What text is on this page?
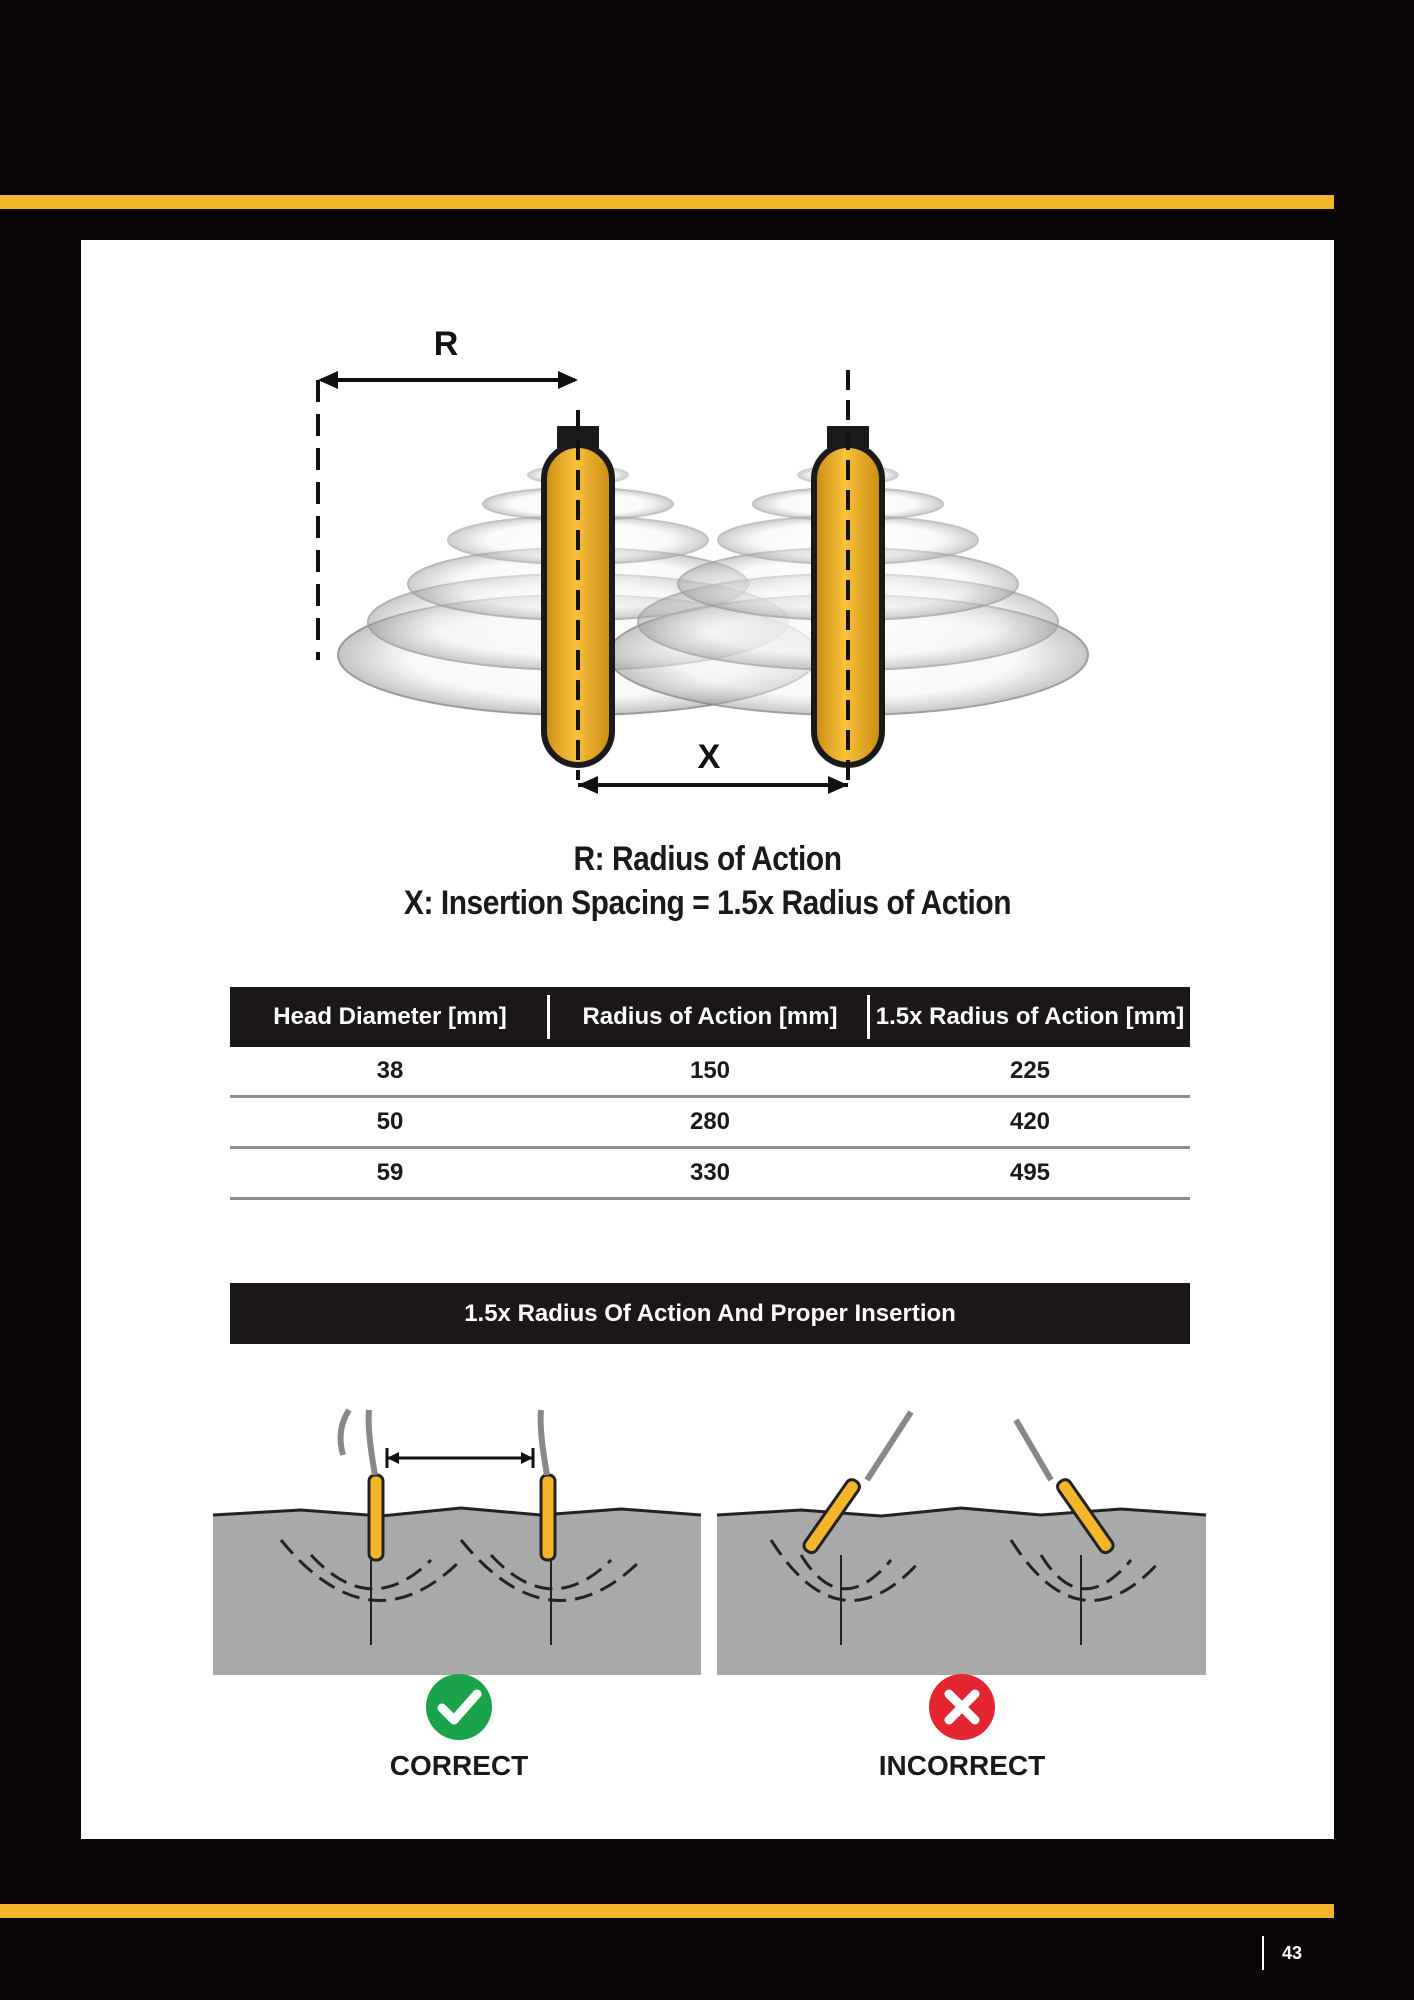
R
X
R: Radius of Action
X: Insertion Spacing = 1.5x Radius of Action
Head Diameter [mm]	Radius of Action [mm]	1.5x Radius of Action [mm]
38	150	225
50	280	420
59	330	495
1.5x Radius Of Action And Proper Insertion
CORRECT	INCORRECT
43
